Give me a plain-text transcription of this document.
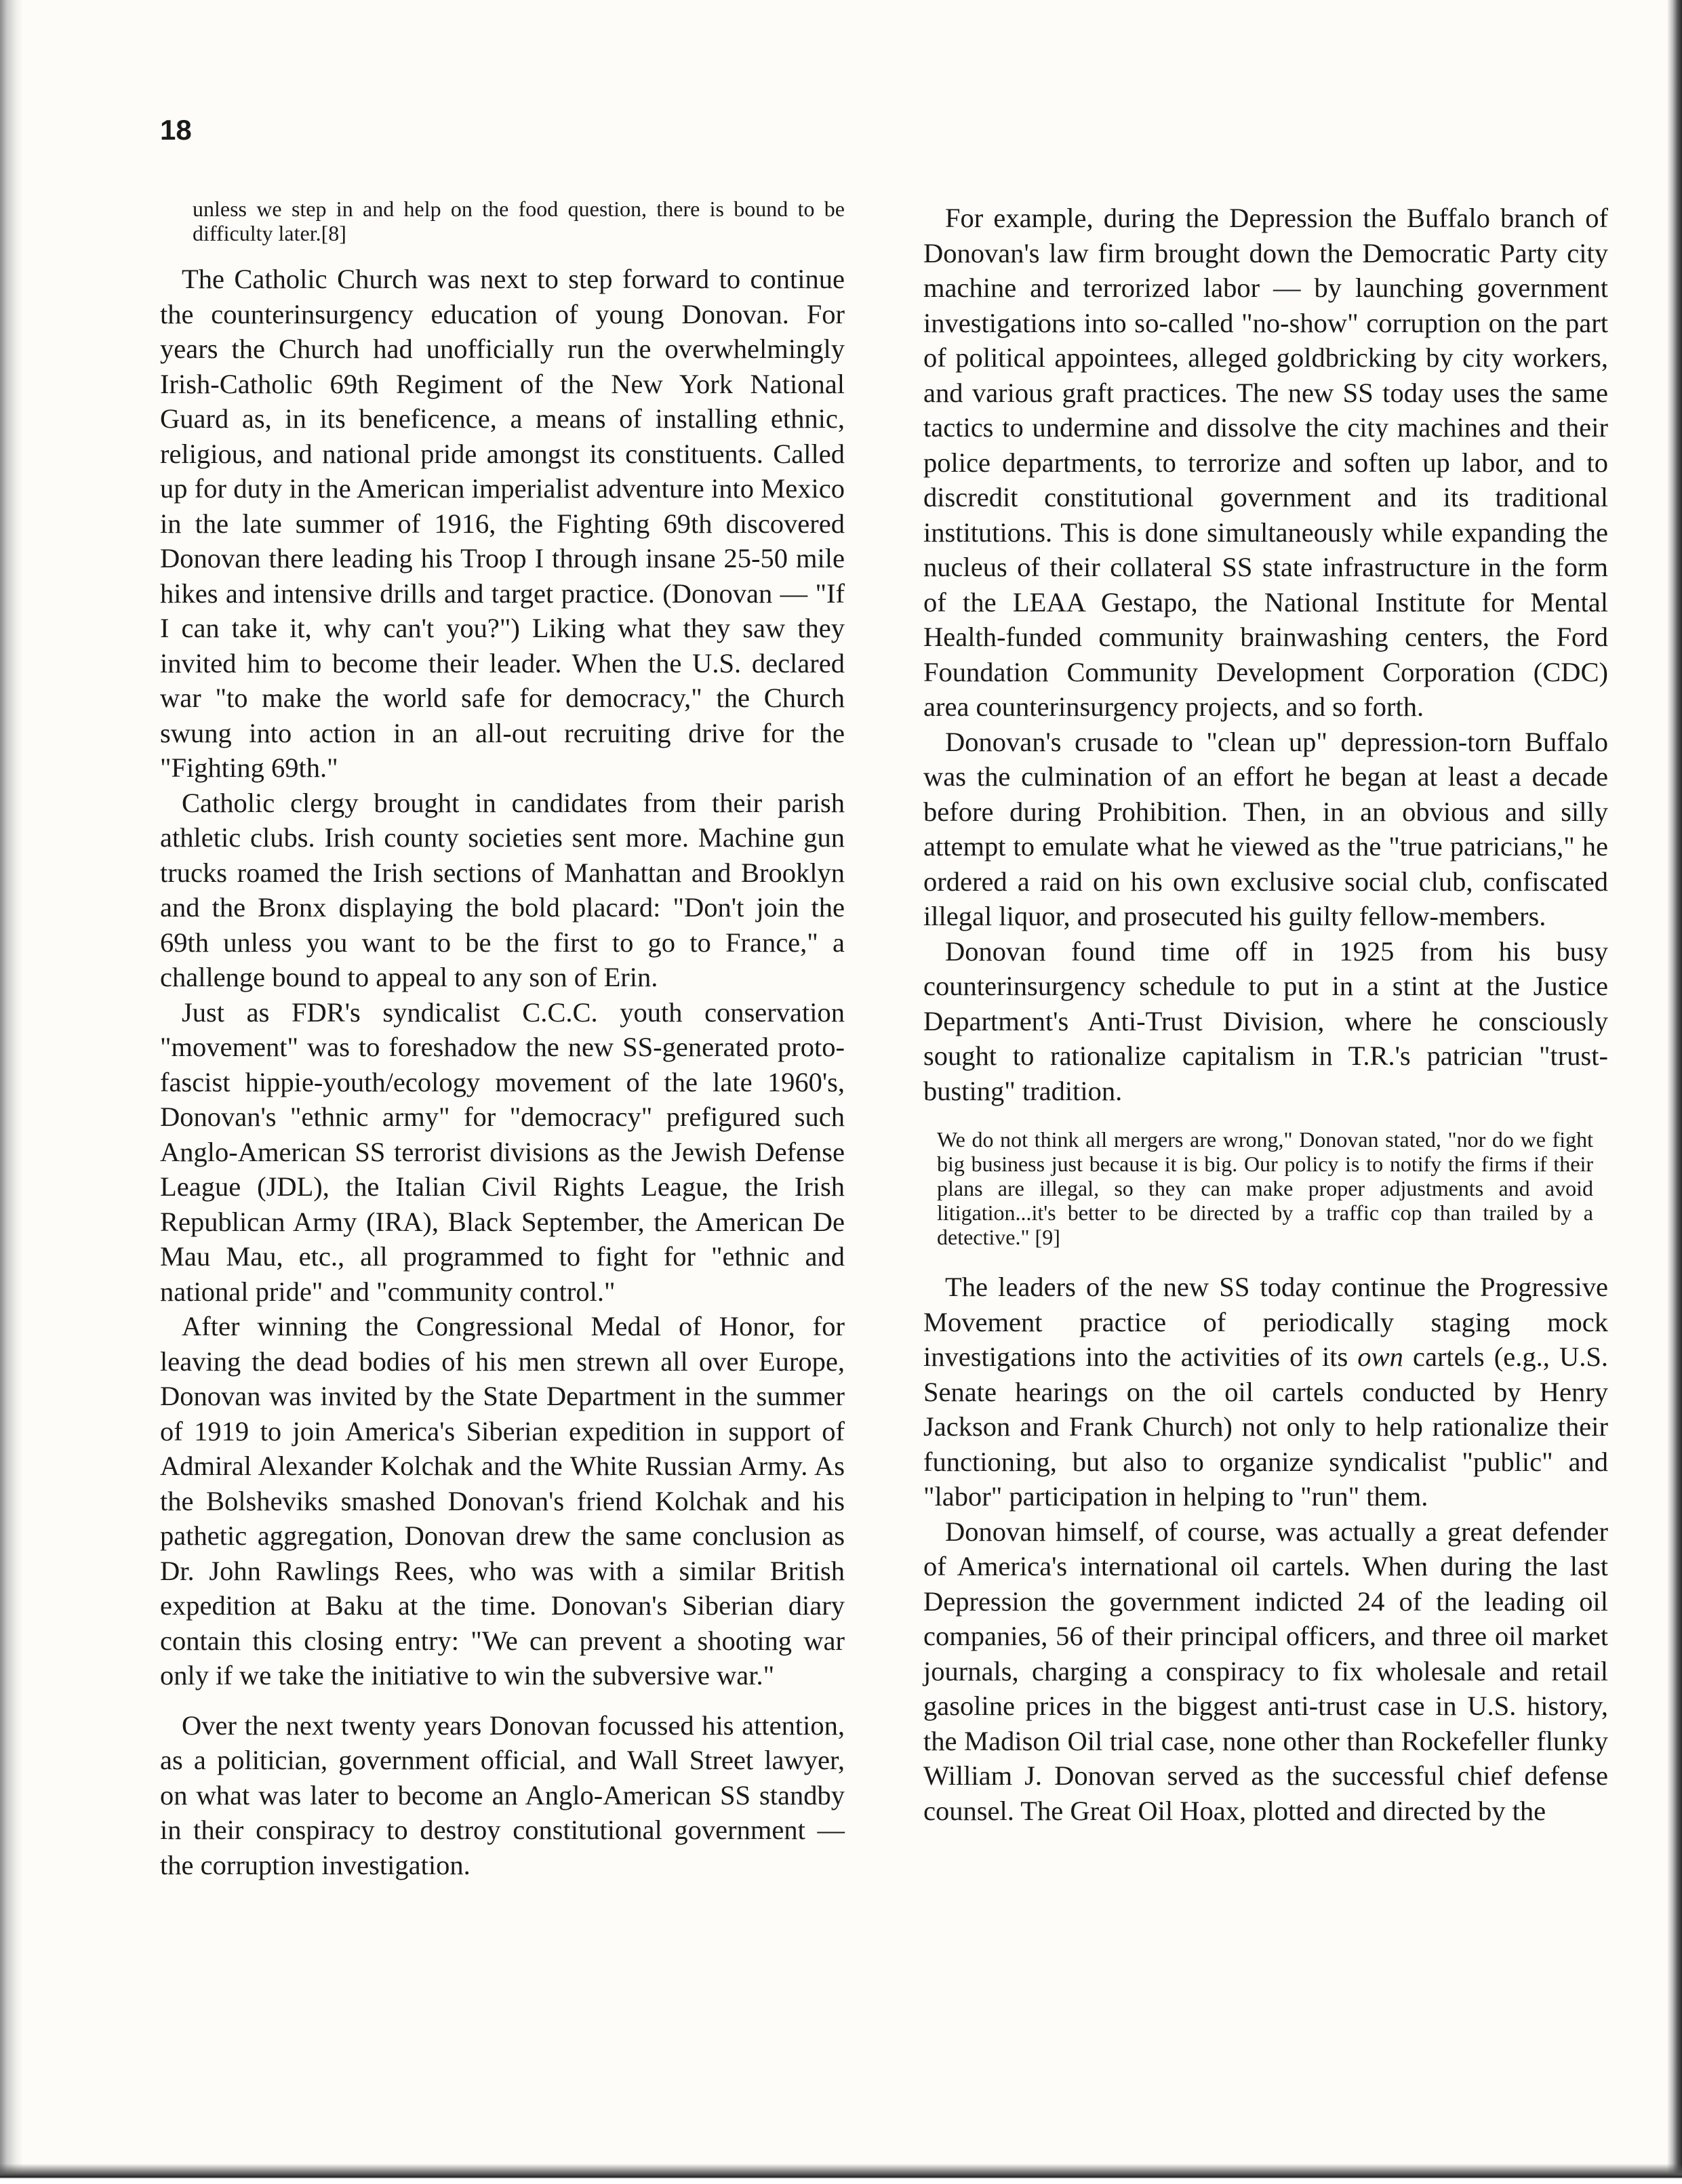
18
unless we step in and help on the food question, there is bound to be difficulty later.[8]

The Catholic Church was next to step forward to continue the counterinsurgency education of young Donovan. For years the Church had unofficially run the overwhelmingly Irish-Catholic 69th Regiment of the New York National Guard as, in its beneficence, a means of installing ethnic, religious, and national pride amongst its constituents. Called up for duty in the American imperialist adventure into Mexico in the late summer of 1916, the Fighting 69th discovered Donovan there leading his Troop I through insane 25-50 mile hikes and intensive drills and target practice. (Donovan — "If I can take it, why can't you?") Liking what they saw they invited him to become their leader. When the U.S. declared war "to make the world safe for democracy," the Church swung into action in an all-out recruiting drive for the "Fighting 69th."

Catholic clergy brought in candidates from their parish athletic clubs. Irish county societies sent more. Machine gun trucks roamed the Irish sections of Manhattan and Brooklyn and the Bronx displaying the bold placard: "Don't join the 69th unless you want to be the first to go to France," a challenge bound to appeal to any son of Erin.

Just as FDR's syndicalist C.C.C. youth conservation "movement" was to foreshadow the new SS-generated proto-fascist hippie-youth/ecology movement of the late 1960's, Donovan's "ethnic army" for "democracy" prefigured such Anglo-American SS terrorist divisions as the Jewish Defense League (JDL), the Italian Civil Rights League, the Irish Republican Army (IRA), Black September, the American De Mau Mau, etc., all programmed to fight for "ethnic and national pride" and "community control."

After winning the Congressional Medal of Honor, for leaving the dead bodies of his men strewn all over Europe, Donovan was invited by the State Department in the summer of 1919 to join America's Siberian expedition in support of Admiral Alexander Kolchak and the White Russian Army. As the Bolsheviks smashed Donovan's friend Kolchak and his pathetic aggregation, Donovan drew the same conclusion as Dr. John Rawlings Rees, who was with a similar British expedition at Baku at the time. Donovan's Siberian diary contain this closing entry: "We can prevent a shooting war only if we take the initiative to win the subversive war."

Over the next twenty years Donovan focussed his attention, as a politician, government official, and Wall Street lawyer, on what was later to become an Anglo-American SS standby in their conspiracy to destroy constitutional government — the corruption investigation.

For example, during the Depression the Buffalo branch of Donovan's law firm brought down the Democratic Party city machine and terrorized labor — by launching government investigations into so-called "no-show" corruption on the part of political appointees, alleged goldbricking by city workers, and various graft practices. The new SS today uses the same tactics to undermine and dissolve the city machines and their police departments, to terrorize and soften up labor, and to discredit constitutional government and its traditional institutions. This is done simultaneously while expanding the nucleus of their collateral SS state infrastructure in the form of the LEAA Gestapo, the National Institute for Mental Health-funded community brainwashing centers, the Ford Foundation Community Development Corporation (CDC) area counterinsurgency projects, and so forth.

Donovan's crusade to "clean up" depression-torn Buffalo was the culmination of an effort he began at least a decade before during Prohibition. Then, in an obvious and silly attempt to emulate what he viewed as the "true patricians," he ordered a raid on his own exclusive social club, confiscated illegal liquor, and prosecuted his guilty fellow-members.

Donovan found time off in 1925 from his busy counterinsurgency schedule to put in a stint at the Justice Department's Anti-Trust Division, where he consciously sought to rationalize capitalism in T.R.'s patrician "trust-busting" tradition.

We do not think all mergers are wrong," Donovan stated, "nor do we fight big business just because it is big. Our policy is to notify the firms if their plans are illegal, so they can make proper adjustments and avoid litigation...it's better to be directed by a traffic cop than trailed by a detective." [9]

The leaders of the new SS today continue the Progressive Movement practice of periodically staging mock investigations into the activities of its own cartels (e.g., U.S. Senate hearings on the oil cartels conducted by Henry Jackson and Frank Church) not only to help rationalize their functioning, but also to organize syndicalist "public" and "labor" participation in helping to "run" them.

Donovan himself, of course, was actually a great defender of America's international oil cartels. When during the last Depression the government indicted 24 of the leading oil companies, 56 of their principal officers, and three oil market journals, charging a conspiracy to fix wholesale and retail gasoline prices in the biggest anti-trust case in U.S. history, the Madison Oil trial case, none other than Rockefeller flunky William J. Donovan served as the successful chief defense counsel. The Great Oil Hoax, plotted and directed by the
